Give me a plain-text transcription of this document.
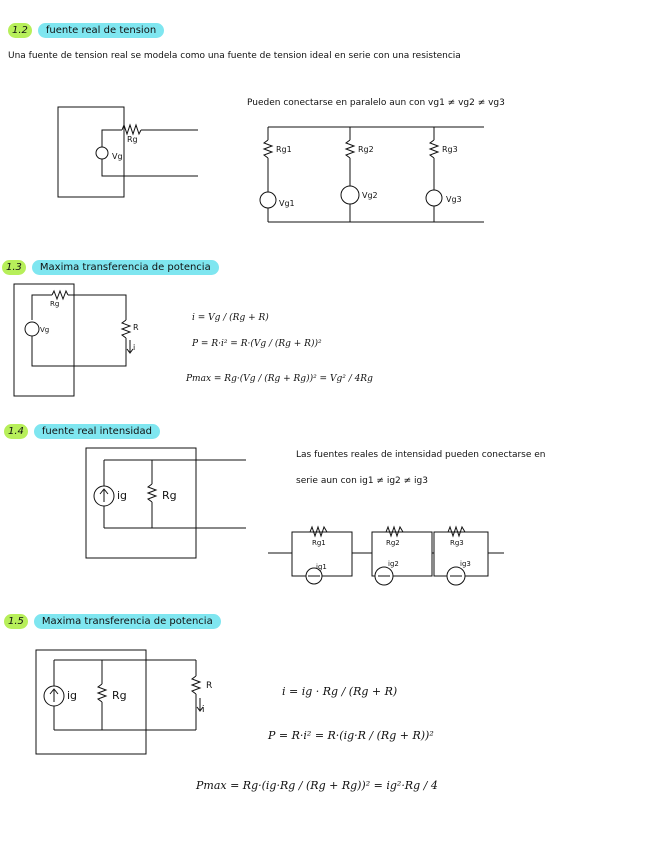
1.2	fuente real de tension
Una fuente de tension real se modela como una fuente de tension ideal en serie con una resistencia
Vg
Rg
Pueden conectarse en paralelo aun con vg1 ≠ vg2 ≠ vg3
Rg1	Rg2	Rg3
Vg1
Vg2	Vg3
1.3	Maxima transferencia de potencia
Rg
Vg	R
i
i = Vg / (Rg + R)
P = R·i² = R·(Vg / (Rg + R))²
Pmax = Rg·(Vg / (Rg + Rg))² = Vg² / 4Rg
1.4	fuente real intensidad
ig	Rg
Las fuentes reales de intensidad pueden conectarse en
serie aun con ig1 ≠ ig2 ≠ ig3
Rg1	Rg2	Rg3
ig1	ig2	ig3
1.5	Maxima transferencia de potencia
ig	Rg
R
i
i = ig · Rg / (Rg + R)
P = R·i² = R·(ig·R / (Rg + R))²
Pmax = Rg·(ig·Rg / (Rg + Rg))² = ig²·Rg / 4
